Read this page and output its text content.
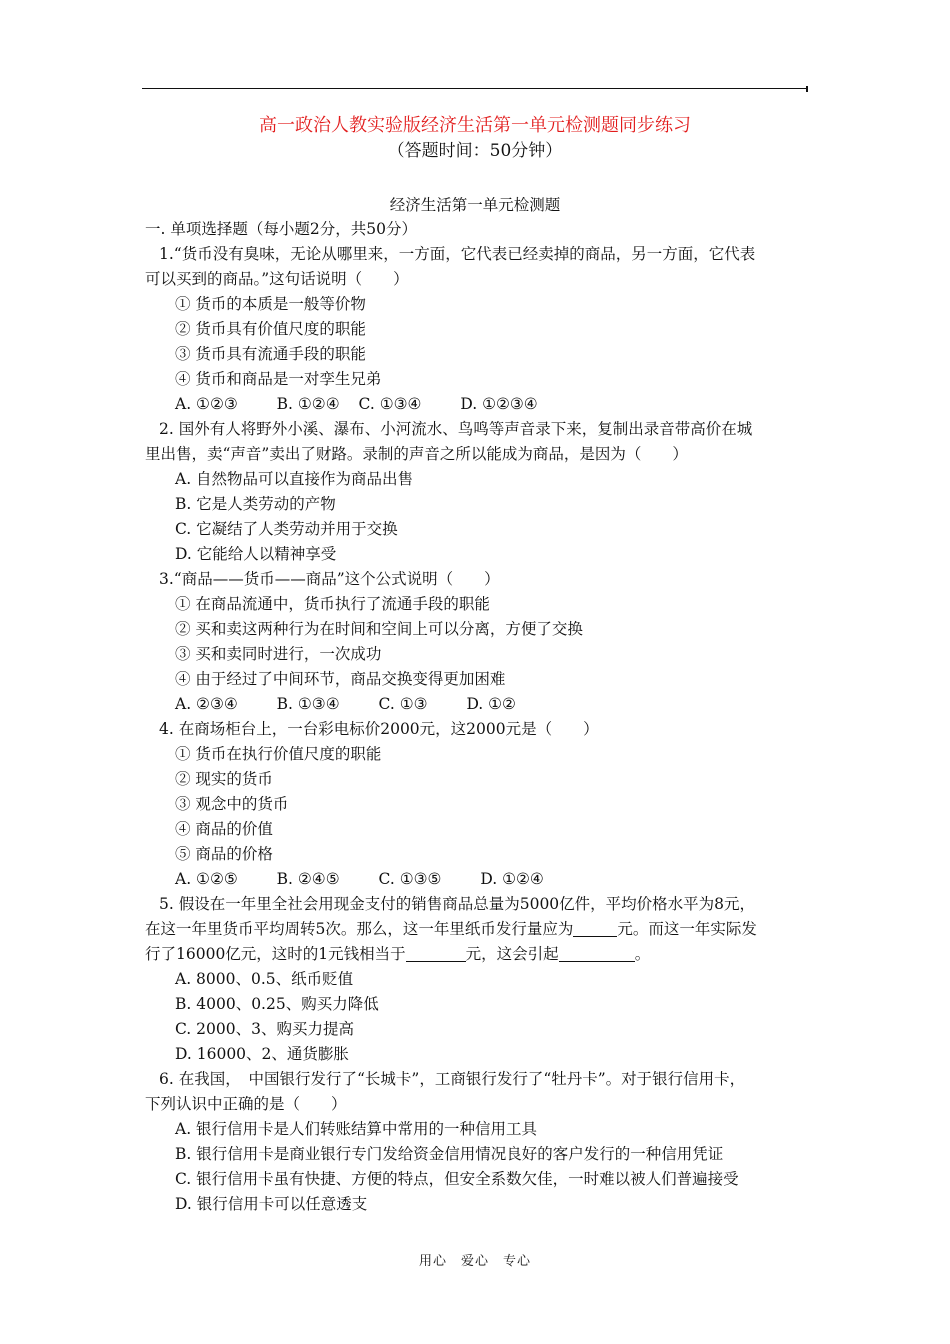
高一政治人教实验版经济生活第一单元检测题同步练习
（答题时间：50分钟）
经济生活第一单元检测题
一. 单项选择题（每小题2分，共50分）
1.“货币没有臭味，无论从哪里来，一方面，它代表已经卖掉的商品，另一方面，它代表
可以买到的商品。”这句话说明（　　）
① 货币的本质是一般等价物
② 货币具有价值尺度的职能
③ 货币具有流通手段的职能
④ 货币和商品是一对孪生兄弟
A. ①②③	B. ①②④ C. ①③④	D. ①②③④
2. 国外有人将野外小溪、瀑布、小河流水、鸟鸣等声音录下来，复制出录音带高价在城
里出售，卖“声音”卖出了财路。录制的声音之所以能成为商品，是因为（　　）
A. 自然物品可以直接作为商品出售
B. 它是人类劳动的产物
C. 它凝结了人类劳动并用于交换
D. 它能给人以精神享受
3.“商品——货币——商品”这个公式说明（　　）
① 在商品流通中，货币执行了流通手段的职能
② 买和卖这两种行为在时间和空间上可以分离，方便了交换
③ 买和卖同时进行，一次成功
④ 由于经过了中间环节，商品交换变得更加困难
A. ②③④	B. ①③④	C. ①③	D. ①②
4. 在商场柜台上，一台彩电标价2000元，这2000元是（　　）
① 货币在执行价值尺度的职能
② 现实的货币
③ 观念中的货币
④ 商品的价值
⑤ 商品的价格
A. ①②⑤	B. ②④⑤	C. ①③⑤	D. ①②④
5. 假设在一年里全社会用现金支付的销售商品总量为5000亿件，平均价格水平为8元，
在这一年里货币平均周转5次。那么，这一年里纸币发行量应为	元。而这一年实际发
行了16000亿元，这时的1元钱相当于	元，这会引起	。
A. 8000、0.5、纸币贬值
B. 4000、0.25、购买力降低
C. 2000、3、购买力提高
D. 16000、2、通货膨胀
6. 在我国，　中国银行发行了“长城卡”，工商银行发行了“牡丹卡”。对于银行信用卡，
下列认识中正确的是（　　）
A. 银行信用卡是人们转账结算中常用的一种信用工具
B. 银行信用卡是商业银行专门发给资金信用情况良好的客户发行的一种信用凭证
C. 银行信用卡虽有快捷、方便的特点，但安全系数欠佳，一时难以被人们普遍接受
D. 银行信用卡可以任意透支
用心　爱心　专心
